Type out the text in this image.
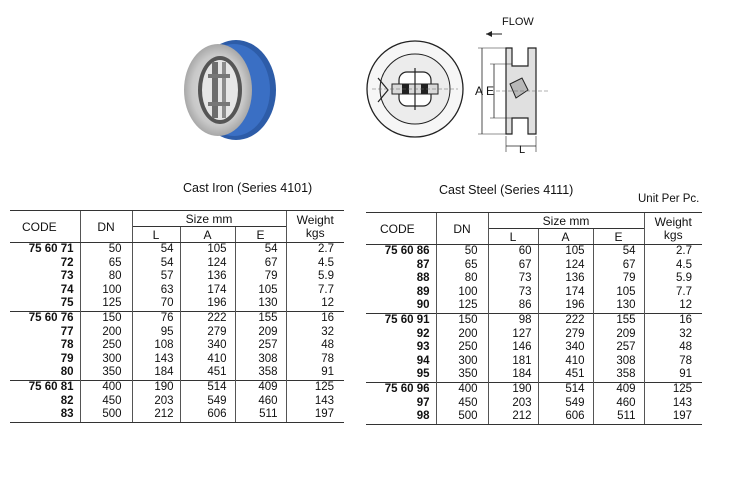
FLOW
A E
L
Cast Iron (Series 4101)	Cast Steel (Series 4111)
Unit Per Pc.
CODE	DN	Size mm			Weight
kgs

		L	A	E	
75 60 71	50	54	105	54	2.7
72	65	54	124	67	4.5
73	80	57	136	79	5.9
74	100	63	174	105	7.7
75	125	70	196	130	12
75 60 76	150	76	222	155	16
77	200	95	279	209	32
78	250	108	340	257	48
79	300	143	410	308	78
80	350	184	451	358	91
75 60 81	400	190	514	409	125
82	450	203	549	460	143
83	500	212	606	511	197
CODE	DN	Size mm			Weight
kgs

		L	A	E	
75 60 86	50	60	105	54	2.7
87	65	67	124	67	4.5
88	80	73	136	79	5.9
89	100	73	174	105	7.7
90	125	86	196	130	12
75 60 91	150	98	222	155	16
92	200	127	279	209	32
93	250	146	340	257	48
94	300	181	410	308	78
95	350	184	451	358	91
75 60 96	400	190	514	409	125
97	450	203	549	460	143
98	500	212	606	511	197
